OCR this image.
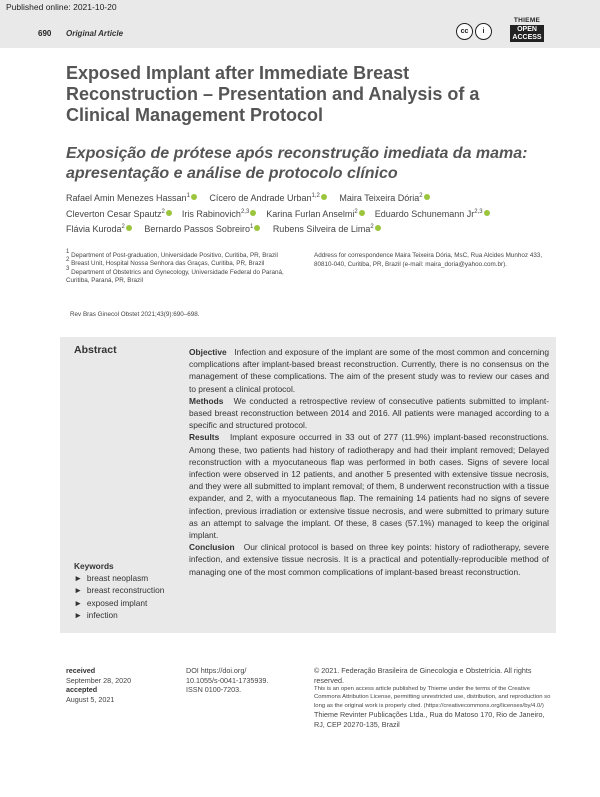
Published online: 2021-10-20
690 Original Article	cc	i
THIEME
OPEN
ACCESS
Exposed Implant after Immediate Breast Reconstruction – Presentation and Analysis of a Clinical Management Protocol
Exposição de prótese após reconstrução imediata da mama: apresentação e análise de protocolo clínico
Rafael Amin Menezes Hassan$^1$ Cícero de Andrade Urban$^{1,2}$ Maira Teixeira Dória$^2$
Cleverton Cesar Spautz$^2$ Iris Rabinovich$^{2,3}$ Karina Furlan Anselmi$^2$ Eduardo Schunemann Jr$^{2,3}$
Flávia Kuroda$^2$ Bernardo Passos Sobreiro$^1$ Rubens Silveira de Lima$^2$
$^1$ Department of Post-graduation, Universidade Positivo, Curitiba, PR, Brazil
$^2$ Breast Unit, Hospital Nossa Senhora das Graças, Curitiba, PR, Brazil
$^3$ Department of Obstetrics and Gynecology, Universidade Federal do Paraná, Curitiba, Paraná, PR, Brazil
Address for correspondence Maira Teixeira Dória, MsC, Rua Alcides Munhoz 433, 80810-040, Curitiba, PR, Brazil (e-mail: maira_doria@yahoo.com.br).
Rev Bras Ginecol Obstet 2021;43(9):690–698.
Abstract	Objective Infection and exposure of the implant are some of the most common and concerning complications after implant-based breast reconstruction. Currently, there is no consensus on the management of these complications. The aim of the present study was to review our cases and to present a clinical protocol.

Methods We conducted a retrospective review of consecutive patients submitted to implant-based breast reconstruction between 2014 and 2016. All patients were managed according to a specific and structured protocol.

Results Implant exposure occurred in 33 out of 277 (11.9%) implant-based reconstructions. Among these, two patients had history of radiotherapy and had their implant removed; Delayed reconstruction with a myocutaneous flap was performed in both cases. Signs of severe local infection were observed in 12 patients, and another 5 presented with extensive tissue necrosis, and they were all submitted to implant removal; of them, 8 underwent reconstruction with a tissue expander, and 2, with a myocutaneous flap. The remaining 14 patients had no signs of severe infection, previous irradiation or extensive tissue necrosis, and were submitted to primary suture as an attempt to salvage the implant. Of these, 8 cases (57.1%) managed to keep the original implant.

Conclusion Our clinical protocol is based on three key points: history of radiotherapy, severe infection, and extensive tissue necrosis. It is a practical and potentially-reproducible method of managing one of the most common complications of implant-based breast reconstruction.

Keywords
►  breast neoplasm
►  breast reconstruction
►  exposed implant
►  infection
received
September 28, 2020
accepted
August 5, 2021
DOI https://doi.org/
10.1055/s-0041-1735939.
ISSN 0100-7203.
© 2021. Federação Brasileira de Ginecologia e Obstetrícia. All rights reserved.
This is an open access article published by Thieme under the terms of the Creative Commons Attribution License, permitting unrestricted use, distribution, and reproduction so long as the original work is properly cited. (https://creativecommons.org/licenses/by/4.0/)
Thieme Revinter Publicações Ltda., Rua do Matoso 170, Rio de Janeiro, RJ, CEP 20270-135, Brazil
